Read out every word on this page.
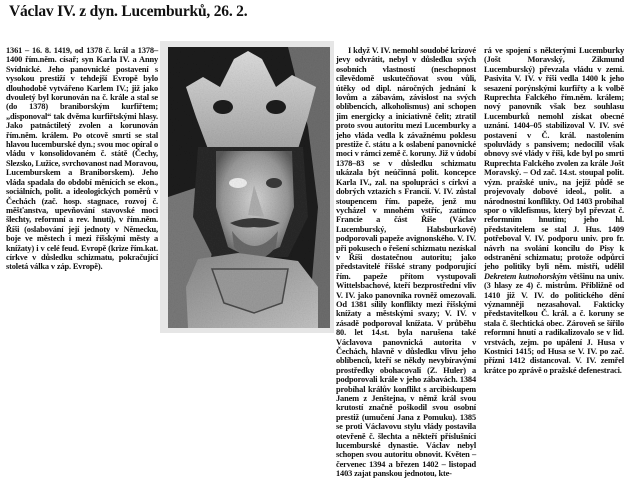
Václav IV. z dyn. Lucemburků, 26. 2.

1361 – 16. 8. 1419, od 1378 č. král a 1378–1400 řím.něm. císař; syn Karla IV. a Anny Svídnické. Jeho panovnické postavení s vysokou prestiží v tehdejší Evropě bylo dlouhodobě vytvářeno Karlem IV.; již jako dvouletý byl korunován na č. krále a stal se (do 1378) braniborským kurfiřtem; „disponoval“ tak dvěma kurfiřtskými hlasy. Jako patnáctiletý zvolen a korunován řím.něm. králem. Po otcově smrti se stal hlavou lucemburské dyn.; svou moc opíral o vládu v konsolidovaném č. státě (Čechy, Slezsko, Lužice, svrchovanost nad Moravou, Lucemburskem a Braniborskem). Jeho vláda spadala do období měnících se ekon., sociálních, polit. a ideologických poměrů v Čechách (zač. hosp. stagnace, rozvoj č. měšťanstva, upevňování stavovské moci šlechty, reformní a rev. hnutí), v řím.něm. Říši (oslabování její jednoty v Německu, boje ve městech i mezi říšskými městy a knížaty) i v celé feud. Evropě (krize řím.kat. církve v důsledku schizmatu, pokračující stoletá válka v záp. Evropě).

I když V. IV. nemohl soudobé krizové jevy odvrátit, nebyl v důsledku svých osobních vlastností (neschopnost cílevědomě uskutečňovat svou vůli, útěky od dipl. náročných jednání k lovům a zábavám, závislost na svých oblíbencích, alkoholismus) ani schopen jim energicky a iniciativně čelit; ztratil proto svou autoritu mezi Lucemburky a jeho vláda vedla k závažnému poklesu prestiže č. státu a k oslabení panovnické moci v rámci země č. koruny. Již v údobí 1378–83 se v důsledku schizmatu ukázala být neúčinná polit. koncepce Karla IV., zal. na spolupráci s církví a dobrých vztazích s Francií. V. IV. zůstal stoupencem řím. papeže, jenž mu vycházel v mnohém vstříc, zatímco Francie a část Říše (Václav Lucemburský, Habsburkové) podporovali papeže avignonského. V. IV. při pokusech o řešení schizmatu nezískal v Říši dostatečnou autoritu; jako představitelé říšské strany podporující řím. papeže přítom vystupovali Wittelsbachové, kteří bezprostřední vliv V. IV. jako panovníka rovněž omezovali. Od 1381 sílily konflikty mezi říšskými knížaty a městskými svazy; V. IV. v zásadě podporoval knížata. V průběhu 80. let 14.st. byla narušena také Václavova panovnická autorita v Čechách, hlavně v důsledku vlivu jeho oblíbenců, kteří se někdy nevybíravými prostředky obohacovali (Z. Huler) a podporovali krále v jeho zábavách. 1384 probíhal králův konflikt s arcibiskupem Janem z Jenštejna, v němž král svou krutostí značně poškodil svou osobní prestiž (umučení Jana z Pomuku). 1385 se proti Václavovu stylu vlády postavila otevřeně č. šlechta a někteří příslušníci lucemburské dynastie. Václav nebyl schopen svou autoritu obnovit. Květen – červenec 1394 a březen 1402 – listopad 1403 zajat panskou jednotou, kte-

rá ve spojení s některými Lucemburky (Jošt Moravský, Zikmund Lucemburský) převzala vládu v zemi. Pasivita V. IV. v říši vedla 1400 k jeho sesazení porýnskými kurfiřty a k volbě Ruprechta Falckého řím.něm. králem; nový panovník však bez souhlasu Lucemburků nemohl získat obecné uznání. 1404–05 stabilizoval V. IV. své postavení v Č. král. nastolením spoluvlády s pansivem; nedocílil však obnovy své vlády v říši, kde byl po smrti Ruprechta Falckého zvolen za krále Jošt Moravský. – Od zač. 14.st. stoupal polit. význ. pražské univ., na jejíž půdě se projevovaly dobové ideol., polit. a národnostní konflikty. Od 1403 probíhal spor o viklefismus, který byl převzat č. reformním hnutím; jeho hl. představitelem se stal J. Hus. 1409 potřeboval V. IV. podporu univ. pro fr. návrh na svolání koncilu do Pisy k odstranění schizmatu; protože odpůrci jeho politiky byli něm. mistři, udělil Dekretem kutnohorským většinu na univ. (3 hlasy ze 4) č. mistrům. Přibližně od 1410 již V. IV. do politického dění významněji nezasahoval. Fakticky představitelkou Č. král. a č. koruny se stala č. šlechtická obec. Zároveň se šířilo reformní hnutí a radikalizovalo se v lid. vrstvách, zejm. po upálení J. Husa v Kostnici 1415; od Husa se V. IV. po zač. přízni 1412 distancoval. V. IV. zemřel krátce po zprávě o pražské defenestraci.
